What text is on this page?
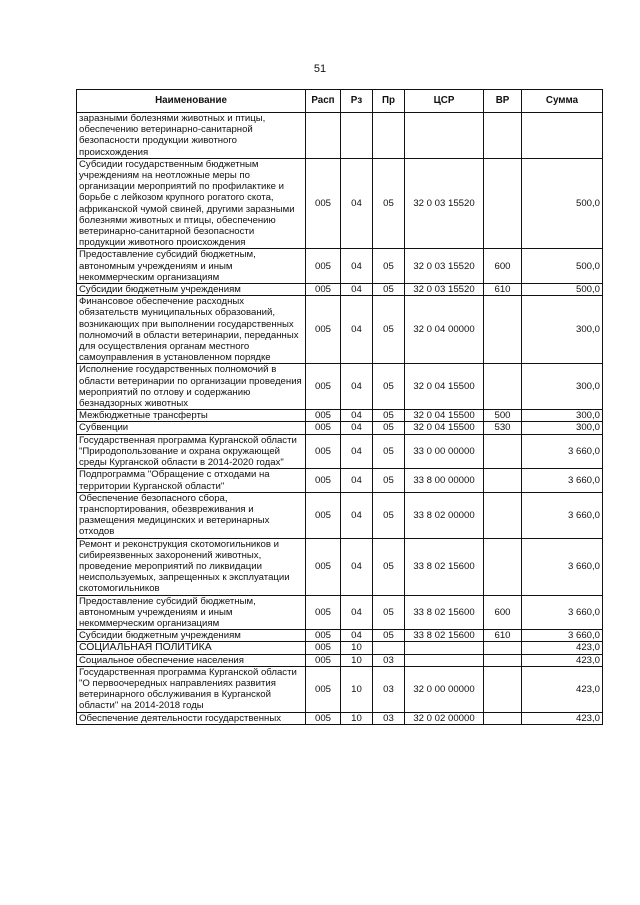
51
Наименование	Расп	Рз	Пр	ЦСР	ВР	Сумма
заразными болезнями животных и птицы, обеспечению ветеринарно-санитарной безопасности продукции животного происхождения						
Субсидии государственным бюджетным учреждениям на неотложные меры по организации мероприятий по профилактике и борьбе с лейкозом крупного рогатого скота, африканской чумой свиней, другими заразными болезнями животных и птицы, обеспечению ветеринарно-санитарной безопасности продукции животного происхождения	005	04	05	32 0 03 15520		500,0
Предоставление субсидий бюджетным, автономным учреждениям и иным некоммерческим организациям	005	04	05	32 0 03 15520	600	500,0
Субсидии бюджетным учреждениям	005	04	05	32 0 03 15520	610	500,0
Финансовое обеспечение расходных обязательств муниципальных образований, возникающих при выполнении государственных полномочий в области ветеринарии, переданных для осуществления органам местного самоуправления в установленном порядке	005	04	05	32 0 04 00000		300,0
Исполнение государственных полномочий в области ветеринарии по организации проведения мероприятий по отлову и содержанию безнадзорных животных	005	04	05	32 0 04 15500		300,0
Межбюджетные трансферты	005	04	05	32 0 04 15500	500	300,0
Субвенции	005	04	05	32 0 04 15500	530	300,0
Государственная программа Курганской области "Природопользование и охрана окружающей среды Курганской области в 2014-2020 годах"	005	04	05	33 0 00 00000		3 660,0
Подпрограмма "Обращение с отходами на территории Курганской области"	005	04	05	33 8 00 00000		3 660,0
Обеспечение безопасного сбора, транспортирования, обезвреживания и размещения медицинских и ветеринарных отходов	005	04	05	33 8 02 00000		3 660,0
Ремонт и реконструкция скотомогильников и сибиреязвенных захоронений животных, проведение мероприятий по ликвидации неиспользуемых, запрещенных к эксплуатации скотомогильников	005	04	05	33 8 02 15600		3 660,0
Предоставление субсидий бюджетным, автономным учреждениям и иным некоммерческим организациям	005	04	05	33 8 02 15600	600	3 660,0
Субсидии бюджетным учреждениям	005	04	05	33 8 02 15600	610	3 660,0
СОЦИАЛЬНАЯ ПОЛИТИКА	005	10				423,0
Социальное обеспечение населения	005	10	03			423,0
Государственная программа Курганской области "О первоочередных направлениях развития ветеринарного обслуживания в Курганской области" на 2014-2018 годы	005	10	03	32 0 00 00000		423,0
Обеспечение деятельности государственных	005	10	03	32 0 02 00000		423,0
